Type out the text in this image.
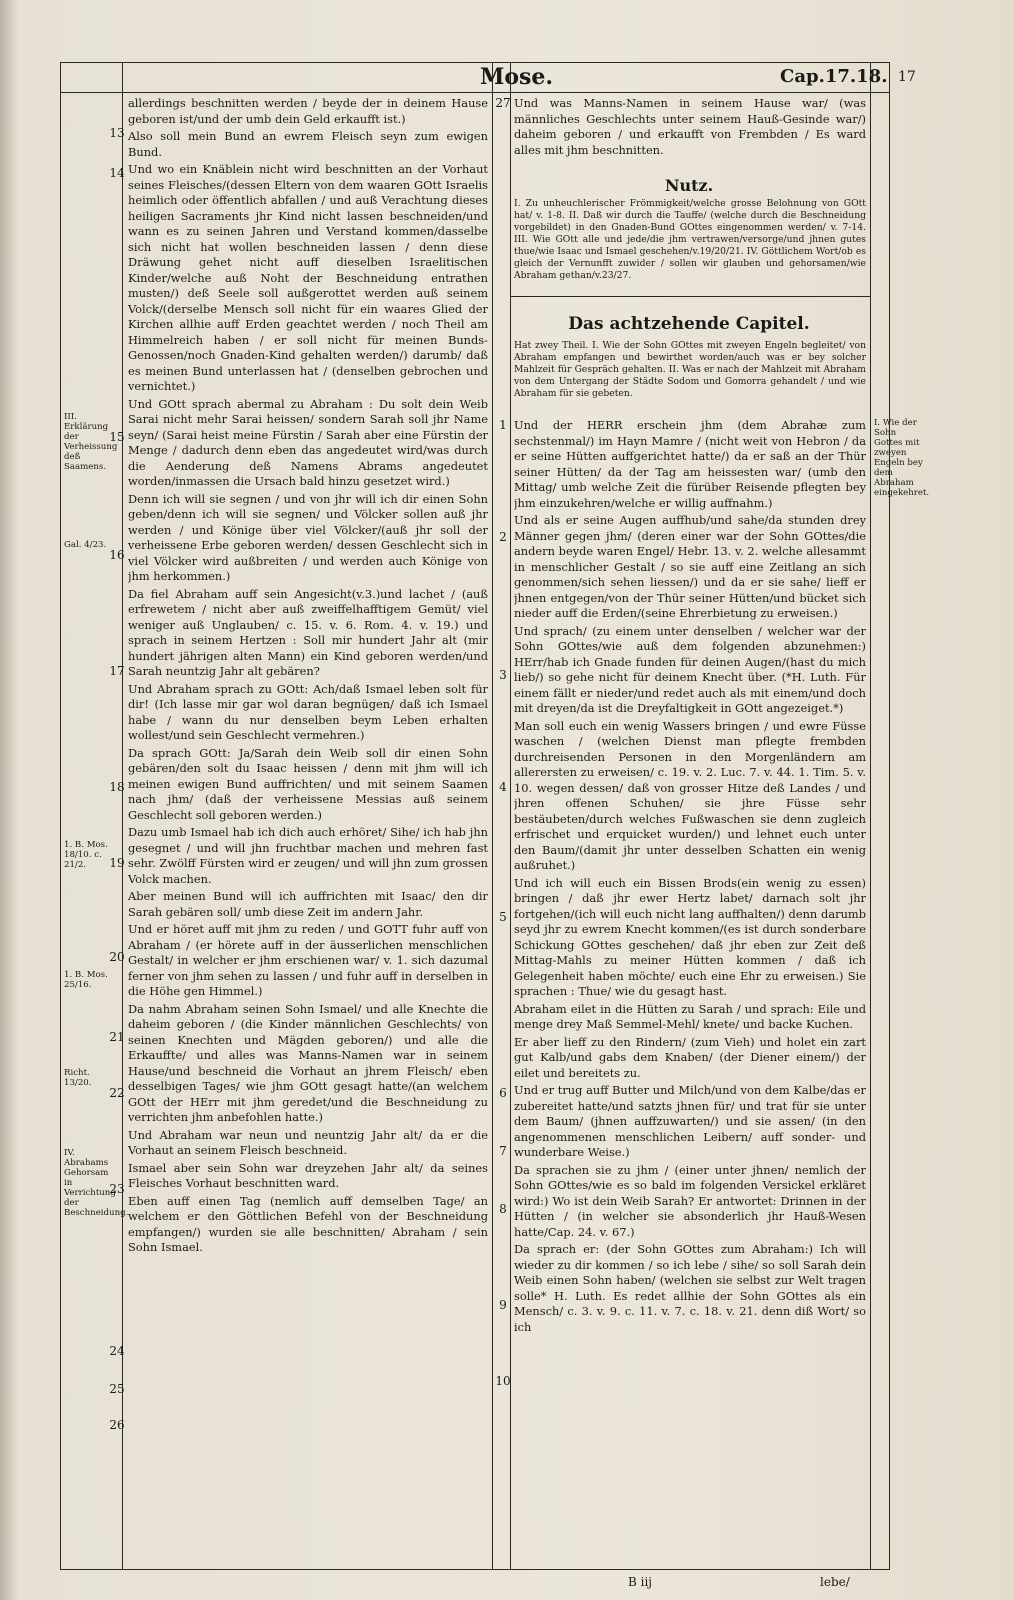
Mose.	Cap.17.18. 17
III. Erklärung der Verheissung deß Saamens.
Gal. 4/23.
1. B. Mos. 18/10. c. 21/2.
1. B. Mos. 25/16.
Richt. 13/20.
IV. Abrahams Gehorsam in Verrichtung der Beschneidung.
I. Wie der Sohn Gottes mit zweyen Engeln bey dem Abraham eingekehret.
13
14
15
16
17
18
19
20
21
22
23
24
25
26

allerdings beschnitten werden / beyde der in deinem Hause geboren ist/und der umb dein Geld erkaufft ist.)

Also soll mein Bund an ewrem Fleisch seyn zum ewigen Bund.

Und wo ein Knäblein nicht wird beschnitten an der Vorhaut seines Fleisches/(dessen Eltern von dem waaren GOtt Israelis heimlich oder öffentlich abfallen / und auß Verachtung dieses heiligen Sacraments jhr Kind nicht lassen beschneiden/und wann es zu seinen Jahren und Verstand kommen/dasselbe sich nicht hat wollen beschneiden lassen / denn diese Dräwung gehet nicht auff dieselben Israelitischen Kinder/welche auß Noht der Beschneidung entrathen musten/) deß Seele soll außgerottet werden auß seinem Volck/(derselbe Mensch soll nicht für ein waares Glied der Kirchen allhie auff Erden geachtet werden / noch Theil am Himmelreich haben / er soll nicht für meinen Bunds-Genossen/noch Gnaden-Kind gehalten werden/) darumb/ daß es meinen Bund unterlassen hat / (denselben gebrochen und vernichtet.)

Und GOtt sprach abermal zu Abraham : Du solt dein Weib Sarai nicht mehr Sarai heissen/ sondern Sarah soll jhr Name seyn/ (Sarai heist meine Fürstin / Sarah aber eine Fürstin der Menge / dadurch denn eben das angedeutet wird/was durch die Aenderung deß Namens Abrams angedeutet worden/inmassen die Ursach bald hinzu gesetzet wird.)

Denn ich will sie segnen / und von jhr will ich dir einen Sohn geben/denn ich will sie segnen/ und Völcker sollen auß jhr werden / und Könige über viel Völcker/(auß jhr soll der verheissene Erbe geboren werden/ dessen Geschlecht sich in viel Völcker wird außbreiten / und werden auch Könige von jhm herkommen.)

Da fiel Abraham auff sein Angesicht(v.3.)und lachet / (auß erfrewetem / nicht aber auß zweiffelhafftigem Gemüt/ viel weniger auß Unglauben/ c. 15. v. 6. Rom. 4. v. 19.) und sprach in seinem Hertzen : Soll mir hundert Jahr alt (mir hundert jährigen alten Mann) ein Kind geboren werden/und Sarah neuntzig Jahr alt gebären?

Und Abraham sprach zu GOtt: Ach/daß Ismael leben solt für dir! (Ich lasse mir gar wol daran begnügen/ daß ich Ismael habe / wann du nur denselben beym Leben erhalten wollest/und sein Geschlecht vermehren.)

Da sprach GOtt: Ja/Sarah dein Weib soll dir einen Sohn gebären/den solt du Isaac heissen / denn mit jhm will ich meinen ewigen Bund auffrichten/ und mit seinem Saamen nach jhm/ (daß der verheissene Messias auß seinem Geschlecht soll geboren werden.)

Dazu umb Ismael hab ich dich auch erhöret/ Sihe/ ich hab jhn gesegnet / und will jhn fruchtbar machen und mehren fast sehr. Zwölff Fürsten wird er zeugen/ und will jhn zum grossen Volck machen.

Aber meinen Bund will ich auffrichten mit Isaac/ den dir Sarah gebären soll/ umb diese Zeit im andern Jahr.

Und er höret auff mit jhm zu reden / und GOTT fuhr auff von Abraham / (er hörete auff in der äusserlichen menschlichen Gestalt/ in welcher er jhm erschienen war/ v. 1. sich dazumal ferner von jhm sehen zu lassen / und fuhr auff in derselben in die Höhe gen Himmel.)

Da nahm Abraham seinen Sohn Ismael/ und alle Knechte die daheim geboren / (die Kinder männlichen Geschlechts/ von seinen Knechten und Mägden geboren/) und alle die Erkauffte/ und alles was Manns-Namen war in seinem Hause/und beschneid die Vorhaut an jhrem Fleisch/ eben desselbigen Tages/ wie jhm GOtt gesagt hatte/(an welchem GOtt der HErr mit jhm geredet/und die Beschneidung zu verrichten jhm anbefohlen hatte.)

Und Abraham war neun und neuntzig Jahr alt/ da er die Vorhaut an seinem Fleisch beschneid.

Ismael aber sein Sohn war dreyzehen Jahr alt/ da seines Fleisches Vorhaut beschnitten ward.

Eben auff einen Tag (nemlich auff demselben Tage/ an welchem er den Göttlichen Befehl von der Beschneidung empfangen/) wurden sie alle beschnitten/ Abraham / sein Sohn Ismael.

27 Und was Manns-Namen in seinem Hause war/ (was männliches Geschlechts unter seinem Hauß-Gesinde war/) daheim geboren / und erkaufft von Frembden / Es ward alles mit jhm beschnitten.

Nutz.

I. Zu unheuchlerischer Frömmigkeit/welche grosse Belohnung von GOtt hat/ v. 1-8. II. Daß wir durch die Tauffe/ (welche durch die Beschneidung vorgebildet) in den Gnaden-Bund GOttes eingenommen werden/ v. 7-14. III. Wie GOtt alle und jede/die jhm vertrawen/versorge/und jhnen gutes thue/wie Isaac und Ismael geschehen/v.19/20/21. IV. Göttlichem Wort/ob es gleich der Vernunfft zuwider / sollen wir glauben und gehorsamen/wie Abraham gethan/v.23/27.

Das achtzehende Capitel.

Hat zwey Theil. I. Wie der Sohn GOttes mit zweyen Engeln begleitet/ von Abraham empfangen und bewirthet worden/auch was er bey solcher Mahlzeit für Gespräch gehalten. II. Was er nach der Mahlzeit mit Abraham von dem Untergang der Städte Sodom und Gomorra gehandelt / und wie Abraham für sie gebeten.

1
2
3
4
5
6
7
8
9
10

Und der HERR erschein jhm (dem Abrahæ zum sechstenmal/) im Hayn Mamre / (nicht weit von Hebron / da er seine Hütten auffgerichtet hatte/) da er saß an der Thür seiner Hütten/ da der Tag am heissesten war/ (umb den Mittag/ umb welche Zeit die fürüber Reisende pflegten bey jhm einzukehren/welche er willig auffnahm.)

Und als er seine Augen auffhub/und sahe/da stunden drey Männer gegen jhm/ (deren einer war der Sohn GOttes/die andern beyde waren Engel/ Hebr. 13. v. 2. welche allesammt in menschlicher Gestalt / so sie auff eine Zeitlang an sich genommen/sich sehen liessen/) und da er sie sahe/ lieff er jhnen entgegen/von der Thür seiner Hütten/und bücket sich nieder auff die Erden/(seine Ehrerbietung zu erweisen.)

Und sprach/ (zu einem unter denselben / welcher war der Sohn GOttes/wie auß dem folgenden abzunehmen:) HErr/hab ich Gnade funden für deinen Augen/(hast du mich lieb/) so gehe nicht für deinem Knecht über. (*H. Luth. Für einem fällt er nieder/und redet auch als mit einem/und doch mit dreyen/da ist die Dreyfaltigkeit in GOtt angezeiget.*)

Man soll euch ein wenig Wassers bringen / und ewre Füsse waschen / (welchen Dienst man pflegte frembden durchreisenden Personen in den Morgenländern am allerersten zu erweisen/ c. 19. v. 2. Luc. 7. v. 44. 1. Tim. 5. v. 10. wegen dessen/ daß von grosser Hitze deß Landes / und jhren offenen Schuhen/ sie jhre Füsse sehr bestäubeten/durch welches Fußwaschen sie denn zugleich erfrischet und erquicket wurden/) und lehnet euch unter den Baum/(damit jhr unter desselben Schatten ein wenig außruhet.)

Und ich will euch ein Bissen Brods(ein wenig zu essen) bringen / daß jhr ewer Hertz labet/ darnach solt jhr fortgehen/(ich will euch nicht lang auffhalten/) denn darumb seyd jhr zu ewrem Knecht kommen/(es ist durch sonderbare Schickung GOttes geschehen/ daß jhr eben zur Zeit deß Mittag-Mahls zu meiner Hütten kommen / daß ich Gelegenheit haben möchte/ euch eine Ehr zu erweisen.) Sie sprachen : Thue/ wie du gesagt hast.

Abraham eilet in die Hütten zu Sarah / und sprach: Eile und menge drey Maß Semmel-Mehl/ knete/ und backe Kuchen.

Er aber lieff zu den Rindern/ (zum Vieh) und holet ein zart gut Kalb/und gabs dem Knaben/ (der Diener einem/) der eilet und bereitets zu.

Und er trug auff Butter und Milch/und von dem Kalbe/das er zubereitet hatte/und satzts jhnen für/ und trat für sie unter dem Baum/ (jhnen auffzuwarten/) und sie assen/ (in den angenommenen menschlichen Leibern/ auff sonder- und wunderbare Weise.)

Da sprachen sie zu jhm / (einer unter jhnen/ nemlich der Sohn GOttes/wie es so bald im folgenden Versickel erkläret wird:) Wo ist dein Weib Sarah? Er antwortet: Drinnen in der Hütten / (in welcher sie absonderlich jhr Hauß-Wesen hatte/Cap. 24. v. 67.)

Da sprach er: (der Sohn GOttes zum Abraham:) Ich will wieder zu dir kommen / so ich lebe / sihe/ so soll Sarah dein Weib einen Sohn haben/ (welchen sie selbst zur Welt tragen solle* H. Luth. Es redet allhie der Sohn GOttes als ein Mensch/ c. 3. v. 9. c. 11. v. 7. c. 18. v. 21. denn diß Wort/ so ich

B iij	lebe/
